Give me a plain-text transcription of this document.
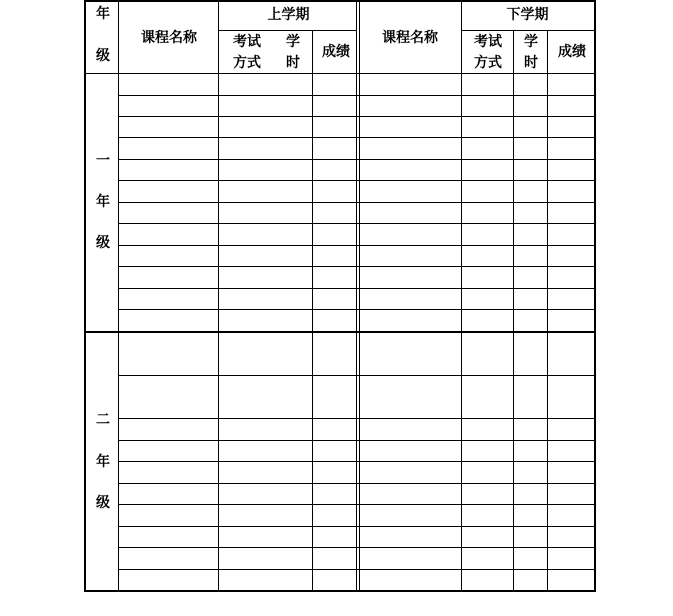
年
级
课程名称
上学期
考试
方式
学
时
成绩
课程名称
下学期
考试
方式
学
时
成绩
一
年
级
二
年
级
